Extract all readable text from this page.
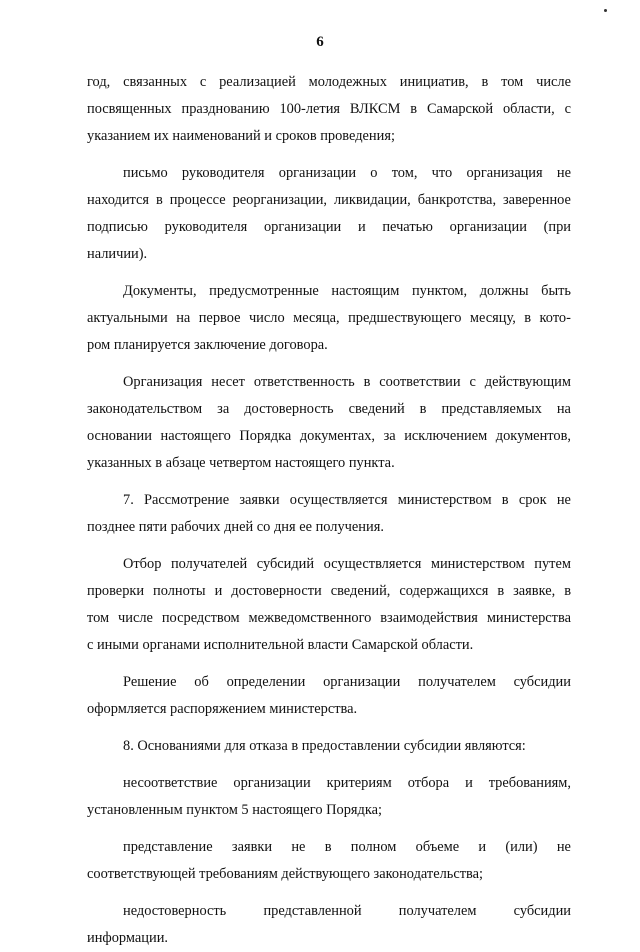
6
год, связанных с реализацией молодежных инициатив, в том числе
посвященных празднованию 100-летия ВЛКСМ в Самарской области, с
указанием их наименований и сроков проведения;
письмо руководителя организации о том, что организация не
находится в процессе реорганизации, ликвидации, банкротства, заверенное
подписью руководителя организации и печатью организации (при
наличии).
Документы, предусмотренные настоящим пунктом, должны быть
актуальными на первое число месяца, предшествующего месяцу, в кото-
ром планируется заключение договора.
Организация несет ответственность в соответствии с действующим
законодательством за достоверность сведений в представляемых на
основании настоящего Порядка документах, за исключением документов,
указанных в абзаце четвертом настоящего пункта.
7. Рассмотрение заявки осуществляется министерством в срок не
позднее пяти рабочих дней со дня ее получения.
Отбор получателей субсидий осуществляется министерством путем
проверки полноты и достоверности сведений, содержащихся в заявке, в
том числе посредством межведомственного взаимодействия министерства
с иными органами исполнительной власти Самарской области.
Решение об определении организации получателем субсидии
оформляется распоряжением министерства.
8. Основаниями для отказа в предоставлении субсидии являются:
несоответствие организации критериям отбора и требованиям,
установленным пунктом 5 настоящего Порядка;
представление заявки не в полном объеме и (или) не
соответствующей требованиям действующего законодательства;
недостоверность	представленной	получателем	субсидии
информации.
